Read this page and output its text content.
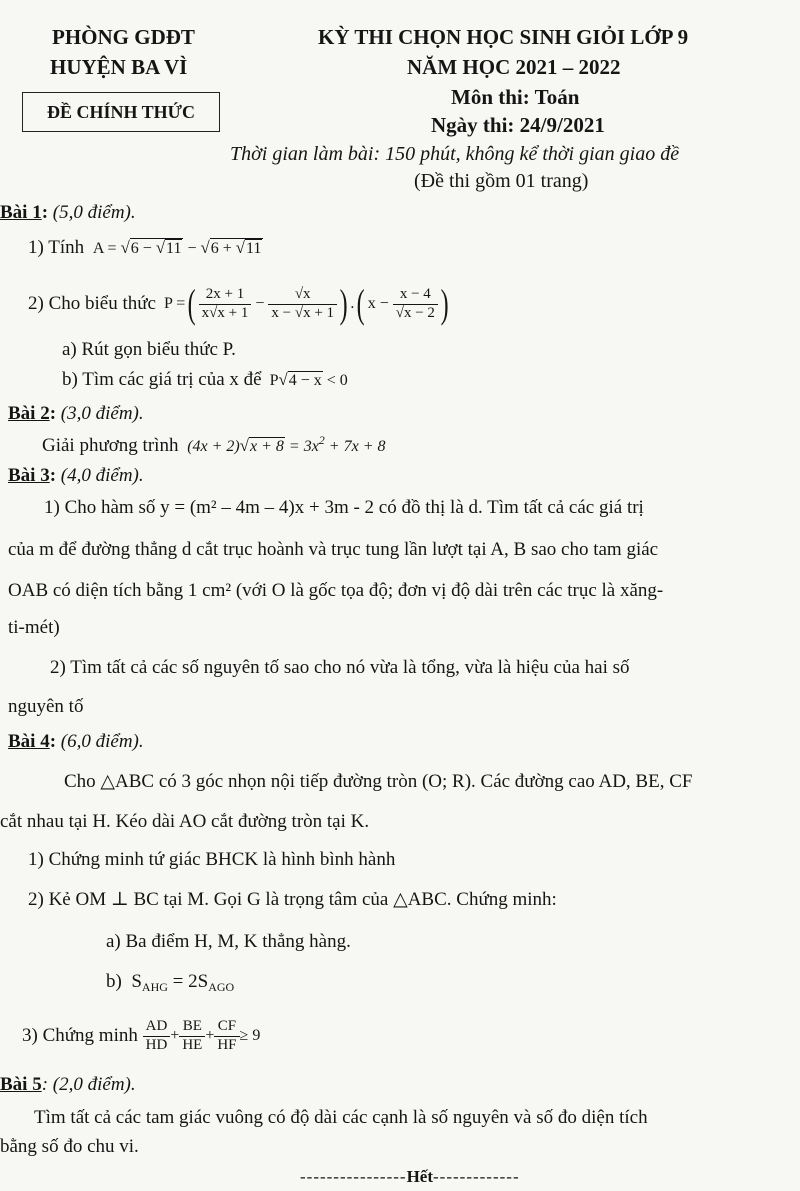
PHÒNG GDĐT
HUYỆN BA VÌ
ĐỀ CHÍNH THỨC
KỲ THI CHỌN HỌC SINH GIỎI LỚP 9
NĂM HỌC 2021 – 2022
Môn thi: Toán
Ngày thi: 24/9/2021
Thời gian làm bài: 150 phút, không kể thời gian giao đề
(Đề thi gồm 01 trang)
Bài 1: (5,0 điểm).
1) Tính  A = √6 − √11 − √6 + √11
2) Cho biểu thức P = ( $\frac{2x + 1}{x√x + 1} - \frac{√x}{x - √x + 1}$ ) . ( $x - \frac{x - 4}{√x - 2}$ )
a) Rút gọn biểu thức P.
b) Tìm các giá trị của x để  P√4 − x < 0
Bài 2: (3,0 điểm).
Giải phương trình  $(4x + 2)√x + 8 = 3x^2 + 7x + 8$
Bài 3: (4,0 điểm).
1) Cho hàm số y = (m² – 4m – 4)x + 3m - 2 có đồ thị là d. Tìm tất cả các giá trị
của m để đường thẳng d cắt trục hoành và trục tung lần lượt tại A, B sao cho tam giác
OAB có diện tích bằng 1 cm² (với O là gốc tọa độ; đơn vị độ dài trên các trục là xăng-
ti-mét)
2) Tìm tất cả các số nguyên tố sao cho nó vừa là tổng, vừa là hiệu của hai số
nguyên tố
Bài 4: (6,0 điểm).
Cho △ABC có 3 góc nhọn nội tiếp đường tròn (O; R). Các đường cao AD, BE, CF
cắt nhau tại H. Kéo dài AO cắt đường tròn tại K.
1) Chứng minh tứ giác BHCK là hình bình hành
2) Kẻ OM ⊥ BC tại M. Gọi G là trọng tâm của △ABC. Chứng minh:
a) Ba điểm H, M, K thẳng hàng.
b)  $S_{AHG} = 2S_{AGO}$
3) Chứng minh
$\frac{AD}{HD} + \frac{BE}{HE} + \frac{CF}{HF} \ge 9$
Bài 5: (2,0 điểm).
Tìm tất cả các tam giác vuông có độ dài các cạnh là số nguyên và số đo diện tích
bằng số đo chu vi.
----------------Hết-------------
